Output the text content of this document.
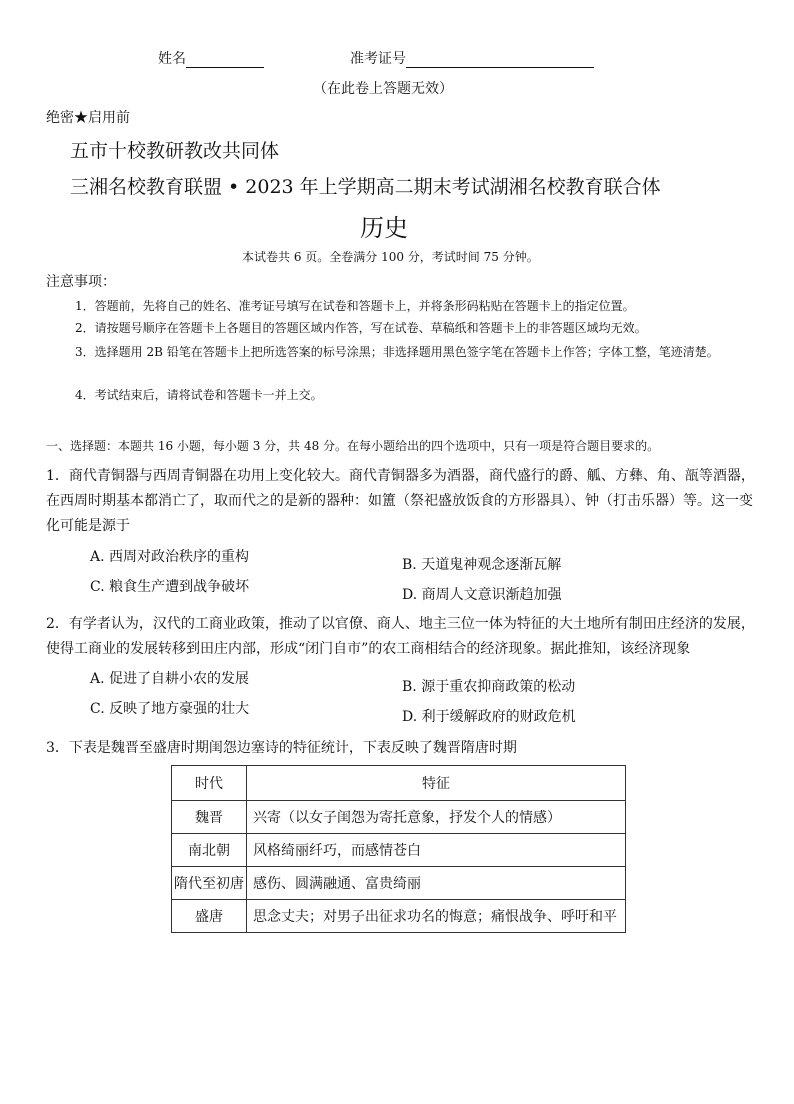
姓名	准考证号
（在此卷上答题无效）
绝密★启用前
五市十校教研教改共同体
三湘名校教育联盟 • 2023 年上学期高二期末考试湖湘名校教育联合体
历史
本试卷共 6 页。全卷满分 100 分，考试时间 75 分钟。
注意事项：
1．答题前，先将自己的姓名、准考证号填写在试卷和答题卡上，并将条形码粘贴在答题卡上的指定位置。
2．请按题号顺序在答题卡上各题目的答题区域内作答，写在试卷、草稿纸和答题卡上的非答题区域均无效。
3．选择题用 2B 铅笔在答题卡上把所选答案的标号涂黑；非选择题用黑色签字笔在答题卡上作答；字体工整，笔迹清楚。
4．考试结束后，请将试卷和答题卡一并上交。
一、选择题：本题共 16 小题，每小题 3 分，共 48 分。在每小题给出的四个选项中，只有一项是符合题目要求的。
1．商代青铜器与西周青铜器在功用上变化较大。商代青铜器多为酒器，商代盛行的爵、觚、方彝、角、瓿等酒器，在西周时期基本都消亡了，取而代之的是新的器种：如簠（祭祀盛放饭食的方形器具）、钟（打击乐器）等。这一变化可能是源于
A. 西周对政治秩序的重构	B. 天道鬼神观念逐渐瓦解
C. 粮食生产遭到战争破坏	D. 商周人文意识渐趋加强
2．有学者认为，汉代的工商业政策，推动了以官僚、商人、地主三位一体为特征的大土地所有制田庄经济的发展，使得工商业的发展转移到田庄内部，形成“闭门自市”的农工商相结合的经济现象。据此推知，该经济现象
A. 促进了自耕小农的发展	B. 源于重农抑商政策的松动
C. 反映了地方豪强的壮大	D. 利于缓解政府的财政危机
3．下表是魏晋至盛唐时期闺怨边塞诗的特征统计，下表反映了魏晋隋唐时期
时代	特征
魏晋	兴寄（以女子闺怨为寄托意象，抒发个人的情感）
南北朝	风格绮丽纤巧，而感情苍白
隋代至初唐	感伤、圆满融通、富贵绮丽
盛唐	思念丈夫；对男子出征求功名的悔意；痛恨战争、呼吁和平
